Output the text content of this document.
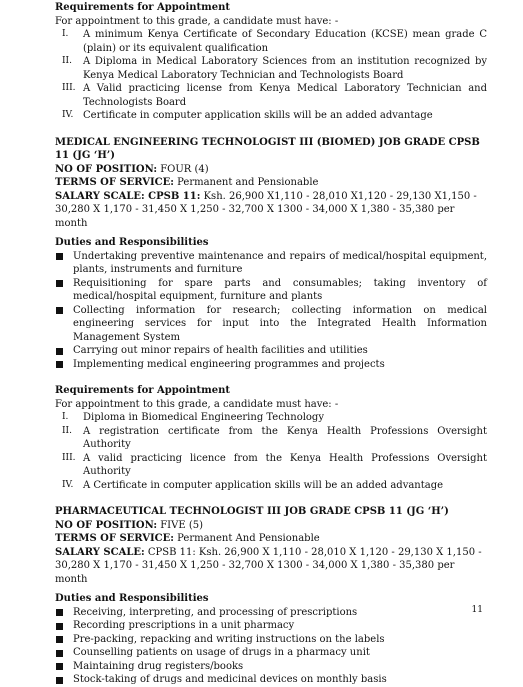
Requirements for Appointment
For appointment to this grade, a candidate must have: -
I.	A minimum Kenya Certificate of Secondary Education (KCSE) mean grade C (plain) or its equivalent qualification
II.	A Diploma in Medical Laboratory Sciences from an institution recognized by Kenya Medical Laboratory Technician and Technologists Board
III. A Valid practicing license from Kenya Medical Laboratory Technician and Technologists Board
IV. Certificate in computer application skills will be an added advantage
MEDICAL ENGINEERING TECHNOLOGIST III (BIOMED) JOB GRADE CPSB 11 (JG ‘H’)
NO OF POSITION: FOUR (4)
TERMS OF SERVICE: Permanent and Pensionable
SALARY SCALE: CPSB 11: Ksh. 26,900 X1,110 - 28,010 X1,120 - 29,130 X1,150 - 30,280 X 1,170 - 31,450 X 1,250 - 32,700 X 1300 - 34,000 X 1,380 - 35,380 per month
Duties and Responsibilities
Undertaking preventive maintenance and repairs of medical/hospital equipment, plants, instruments and furniture
Requisitioning for spare parts and consumables; taking inventory of medical/hospital equipment, furniture and plants
Collecting information for research; collecting information on medical engineering services for input into the Integrated Health Information Management System
Carrying out minor repairs of health facilities and utilities
Implementing medical engineering programmes and projects
Requirements for Appointment
For appointment to this grade, a candidate must have: -
I.	Diploma in Biomedical Engineering Technology
II.	A registration certificate from the Kenya Health Professions Oversight Authority
III. A valid practicing licence from the Kenya Health Professions Oversight Authority
IV. A Certificate in computer application skills will be an added advantage
PHARMACEUTICAL TECHNOLOGIST III JOB GRADE CPSB 11 (JG ‘H’)
NO OF POSITION: FIVE (5)
TERMS OF SERVICE: Permanent And Pensionable
SALARY SCALE: CPSB 11: Ksh. 26,900 X 1,110 - 28,010 X 1,120 - 29,130 X 1,150 - 30,280 X 1,170 - 31,450 X 1,250 - 32,700 X 1300 - 34,000 X 1,380 - 35,380 per month
Duties and Responsibilities
Receiving, interpreting, and processing of prescriptions
Recording prescriptions in a unit pharmacy
Pre-packing, repacking and writing instructions on the labels
Counselling patients on usage of drugs in a pharmacy unit
Maintaining drug registers/books
Stock-taking of drugs and medicinal devices on monthly basis
11
